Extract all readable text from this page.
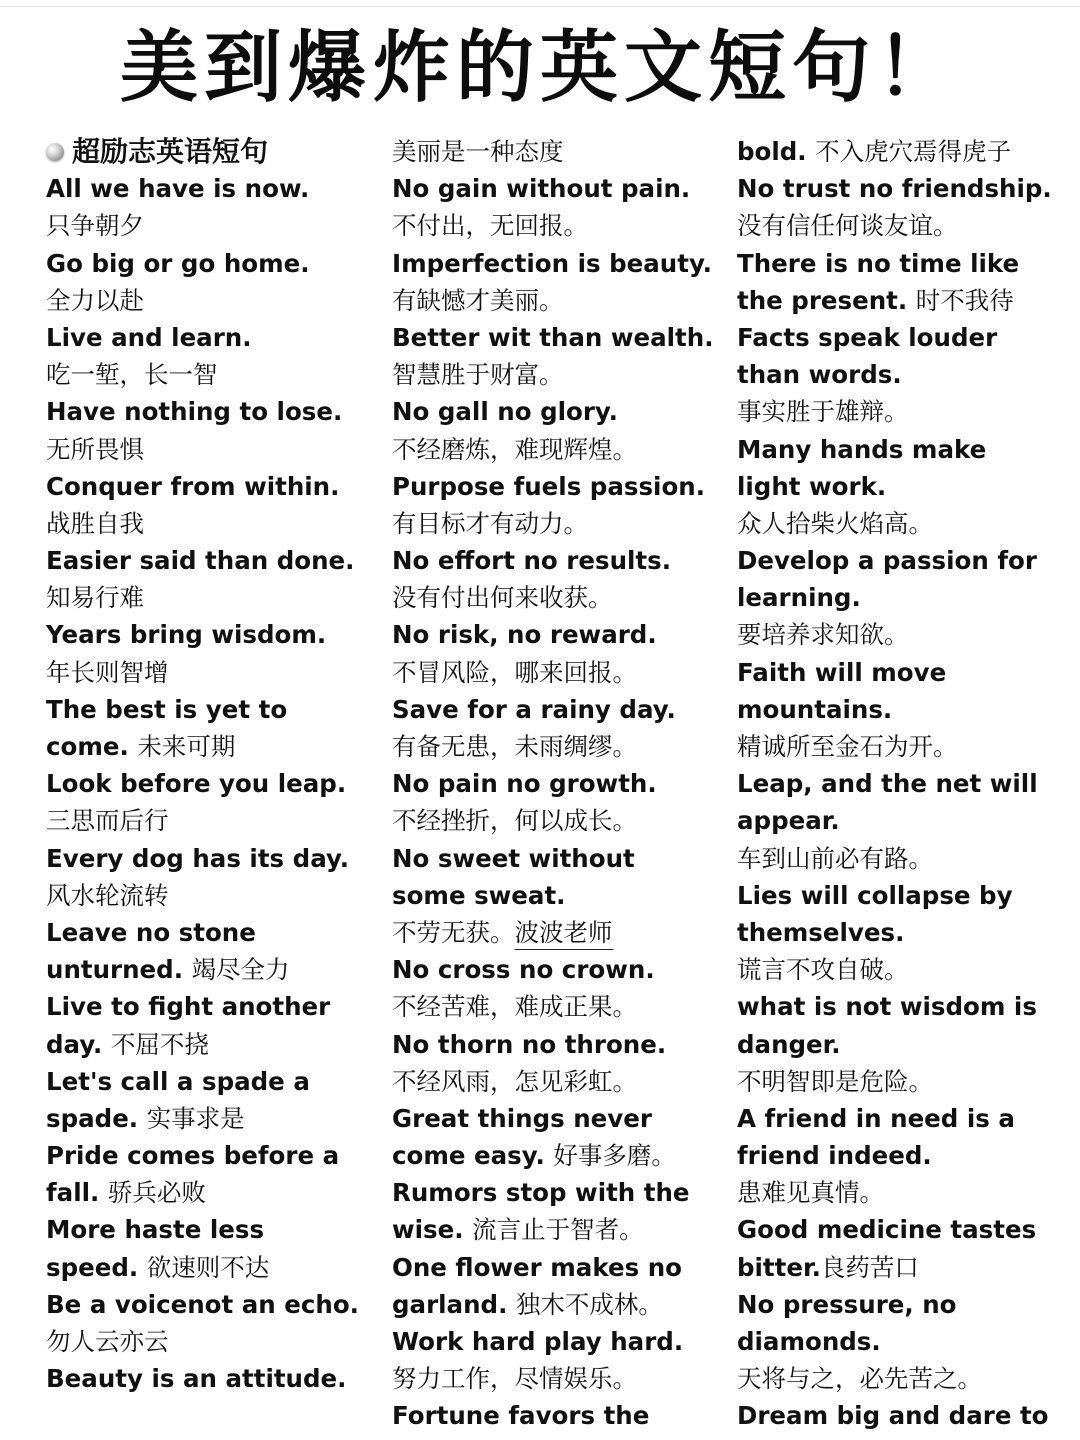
美到爆炸的英文短句！
超励志英语短句
All we have is now.
只争朝夕
Go big or go home.
全力以赴
Live and learn.
吃一堑，长一智
Have nothing to lose.
无所畏惧
Conquer from within.
战胜自我
Easier said than done.
知易行难
Years bring wisdom.
年长则智增
The best is yet to
come. 未来可期
Look before you leap.
三思而后行
Every dog has its day.
风水轮流转
Leave no stone
unturned. 竭尽全力
Live to fight another
day. 不屈不挠
Let's call a spade a
spade. 实事求是
Pride comes before a
fall. 骄兵必败
More haste less
speed. 欲速则不达
Be a voicenot an echo.
勿人云亦云
Beauty is an attitude.
美丽是一种态度
No gain without pain.
不付出，无回报。
Imperfection is beauty.
有缺憾才美丽。
Better wit than wealth.
智慧胜于财富。
No gall no glory.
不经磨炼，难现辉煌。
Purpose fuels passion.
有目标才有动力。
No effort no results.
没有付出何来收获。
No risk, no reward.
不冒风险，哪来回报。
Save for a rainy day.
有备无患，未雨绸缪。
No pain no growth.
不经挫折，何以成长。
No sweet without
some sweat.
不劳无获。波波老师
No cross no crown.
不经苦难，难成正果。
No thorn no throne.
不经风雨，怎见彩虹。
Great things never
come easy. 好事多磨。
Rumors stop with the
wise. 流言止于智者。
One flower makes no
garland. 独木不成林。
Work hard play hard.
努力工作，尽情娱乐。
Fortune favors the
bold. 不入虎穴焉得虎子
No trust no friendship.
没有信任何谈友谊。
There is no time like
the present. 时不我待
Facts speak louder
than words.
事实胜于雄辩。
Many hands make
light work.
众人拾柴火焰高。
Develop a passion for
learning.
要培养求知欲。
Faith will move
mountains.
精诚所至金石为开。
Leap, and the net will
appear.
车到山前必有路。
Lies will collapse by
themselves.
谎言不攻自破。
what is not wisdom is
danger.
不明智即是危险。
A friend in need is a
friend indeed.
患难见真情。
Good medicine tastes
bitter.良药苦口
No pressure, no
diamonds.
天将与之，必先苦之。
Dream big and dare to
